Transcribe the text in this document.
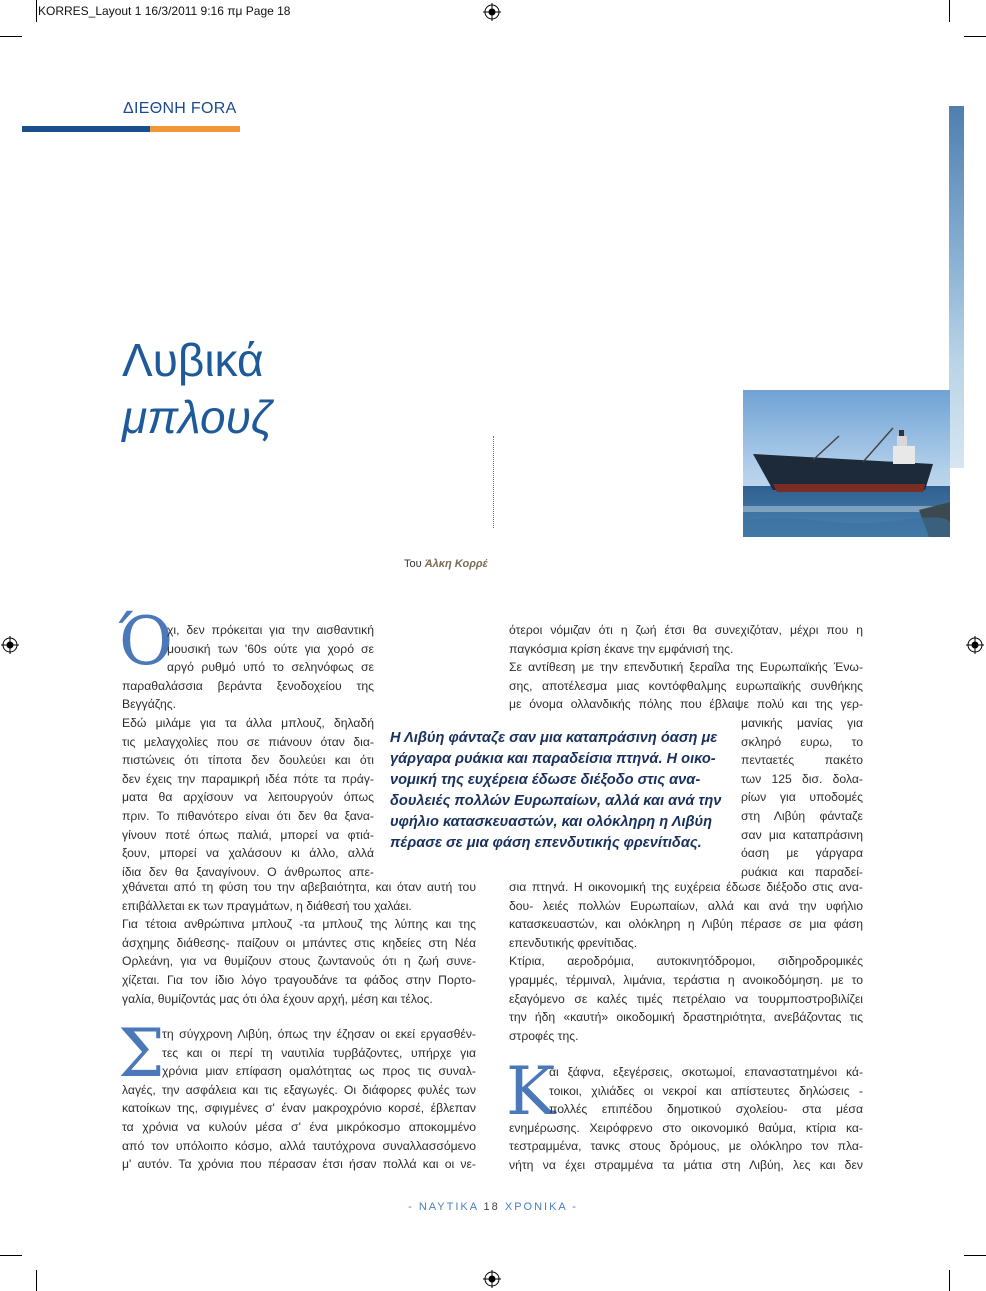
KORRES_Layout 1 16/3/2011 9:16 πμ Page 18
ΔΙΕΘΝΗ FORA
Λυβικά
μπλουζ
Του Άλκη Κορρέ
Ό

χι, δεν πρόκειται για την αισθαντική

μουσική των '60s ούτε για χορό σε

αργό ρυθμό υπό το σεληνόφως σε

παραθαλάσσια βεράντα ξενοδοχείου της

Βεγγάζης.

Εδώ μιλάμε για τα άλλα μπλουζ, δηλαδή

τις μελαγχολίες που σε πιάνουν όταν δια-

πιστώνεις ότι τίποτα δεν δουλεύει και ότι

δεν έχεις την παραμικρή ιδέα πότε τα πράγ-

ματα θα αρχίσουν να λειτουργούν όπως

πριν. Το πιθανότερο είναι ότι δεν θα ξανα-

γίνουν ποτέ όπως παλιά, μπορεί να φτιά-

ξουν, μπορεί να χαλάσουν κι άλλο, αλλά

ίδια δεν θα ξαναγίνουν. Ο άνθρωπος απε-

χθάνεται από τη φύση του την αβεβαιότητα, και όταν αυτή του

επιβάλλεται εκ των πραγμάτων, η διάθεσή του χαλάει.

Για τέτοια ανθρώπινα μπλουζ -τα μπλουζ της λύπης και της

άσχημης διάθεσης- παίζουν οι μπάντες στις κηδείες στη Νέα

Ορλεάνη, για να θυμίζουν στους ζωντανούς ότι η ζωή συνε-

χίζεται. Για τον ίδιο λόγο τραγουδάνε τα φάδος στην Πορτο-

γαλία, θυμίζοντάς μας ότι όλα έχουν αρχή, μέση και τέλος.

Σ

τη σύγχρονη Λιβύη, όπως την έζησαν οι εκεί εργασθέν-

τες και οι περί τη ναυτιλία τυρβάζοντες, υπήρχε για

χρόνια μιαν επίφαση ομαλότητας ως προς τις συναλ-

λαγές, την ασφάλεια και τις εξαγωγές. Οι διάφορες φυλές των

κατοίκων της, σφιγμένες σ' έναν μακροχρόνιο κορσέ, έβλεπαν

τα χρόνια να κυλούν μέσα σ' ένα μικρόκοσμο αποκομμένο

από τον υπόλοιπο κόσμο, αλλά ταυτόχρονα συναλλασσόμενο

μ' αυτόν. Τα χρόνια που πέρασαν έτσι ήσαν πολλά και οι νε-

Η Λιβύη φάνταζε σαν μια καταπράσινη όαση με
γάργαρα ρυάκια και παραδείσια πτηνά. Η οικο-
νομική της ευχέρεια έδωσε διέξοδο στις ανα-
δουλειές πολλών Ευρωπαίων, αλλά και ανά την
υφήλιο κατασκευαστών, και ολόκληρη η Λιβύη
πέρασε σε μια φάση επενδυτικής φρενίτιδας.

ότεροι νόμιζαν ότι η ζωή έτσι θα συνεχιζόταν, μέχρι που η

παγκόσμια κρίση έκανε την εμφάνισή της.

Σε αντίθεση με την επενδυτική ξεραΐλα της Ευρωπαϊκής Ένω-

σης, αποτέλεσμα μιας κοντόφθαλμης ευρωπαϊκής συνθήκης

με όνομα ολλανδικής πόλης που έβλαψε πολύ και της γερ-

μανικής μανίας για

σκληρό ευρω, το

πενταετές πακέτο

των 125 δισ. δολα-

ρίων για υποδομές

στη Λιβύη φάνταζε

σαν μια καταπράσινη

όαση με γάργαρα

ρυάκια και παραδεί-

σια πτηνά. Η οικονομική της ευχέρεια έδωσε διέξοδο στις ανα-

δου- λειές πολλών Ευρωπαίων, αλλά και ανά την υφήλιο

κατασκευαστών, και ολόκληρη η Λιβύη πέρασε σε μια φάση

επενδυτικής φρενίτιδας.

Κτίρια, αεροδρόμια, αυτοκινητόδρομοι, σιδηροδρομικές

γραμμές, τέρμιναλ, λιμάνια, τεράστια η ανοικοδόμηση. με το

εξαγόμενο σε καλές τιμές πετρέλαιο να τουρμποστροβιλίζει

την ήδη «καυτή» οικοδομική δραστηριότητα, ανεβάζοντας τις

στροφές της.

Κ

αι ξάφνα, εξεγέρσεις, σκοτωμοί, επαναστατημένοι κά-

τοικοι, χιλιάδες οι νεκροί και απίστευτες δηλώσεις -

πολλές επιπέδου δημοτικού σχολείου- στα μέσα

ενημέρωσης. Χειρόφρενο στο οικονομικό θαύμα, κτίρια κα-

τεστραμμένα, τανκς στους δρόμους, με ολόκληρο τον πλα-

νήτη να έχει στραμμένα τα μάτια στη Λιβύη, λες και δεν

- ΝΑΥΤΙΚΑ 18 ΧΡΟΝΙΚΑ -
